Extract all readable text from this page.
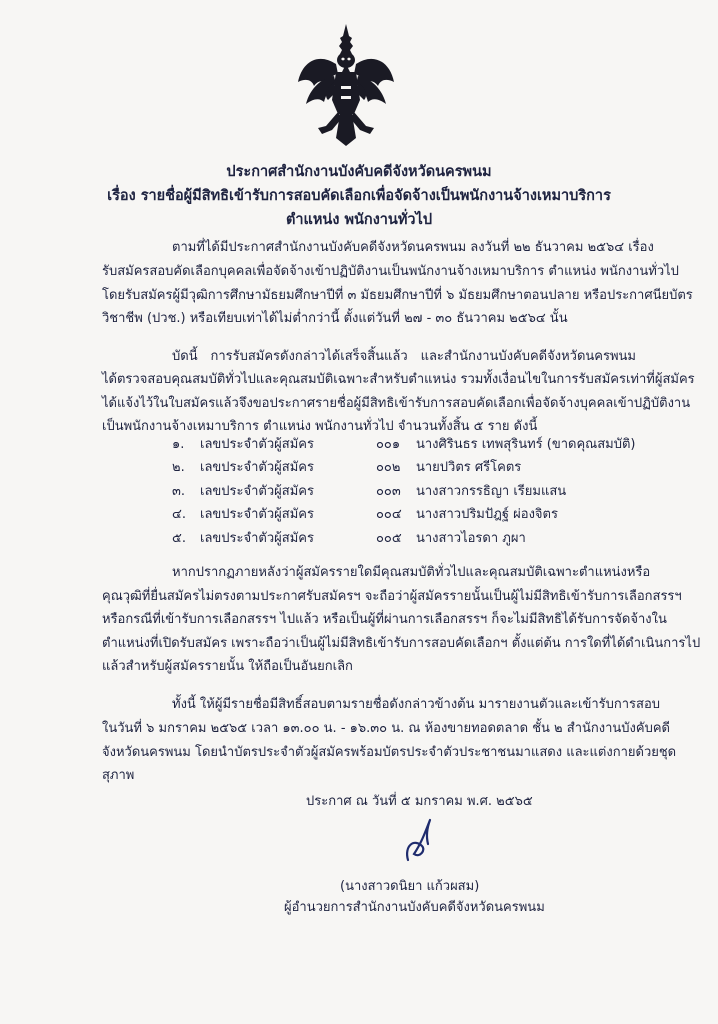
ประกาศสำนักงานบังคับคดีจังหวัดนครพนม
เรื่อง รายชื่อผู้มีสิทธิเข้ารับการสอบคัดเลือกเพื่อจัดจ้างเป็นพนักงานจ้างเหมาบริการ
ตำแหน่ง พนักงานทั่วไป
ตามที่ได้มีประกาศสำนักงานบังคับคดีจังหวัดนครพนม ลงวันที่ ๒๒ ธันวาคม ๒๕๖๔ เรื่อง
รับสมัครสอบคัดเลือกบุคคลเพื่อจัดจ้างเข้าปฏิบัติงานเป็นพนักงานจ้างเหมาบริการ ตำแหน่ง พนักงานทั่วไป
โดยรับสมัครผู้มีวุฒิการศึกษามัธยมศึกษาปีที่ ๓ มัธยมศึกษาปีที่ ๖ มัธยมศึกษาตอนปลาย หรือประกาศนียบัตร
วิชาชีพ (ปวช.) หรือเทียบเท่าได้ไม่ต่ำกว่านี้ ตั้งแต่วันที่ ๒๗ - ๓๐ ธันวาคม ๒๕๖๔ นั้น
บัดนี้ การรับสมัครดังกล่าวได้เสร็จสิ้นแล้ว และสำนักงานบังคับคดีจังหวัดนครพนม
ได้ตรวจสอบคุณสมบัติทั่วไปและคุณสมบัติเฉพาะสำหรับตำแหน่ง รวมทั้งเงื่อนไขในการรับสมัครเท่าที่ผู้สมัคร
ได้แจ้งไว้ในใบสมัครแล้วจึงขอประกาศรายชื่อผู้มีสิทธิเข้ารับการสอบคัดเลือกเพื่อจัดจ้างบุคคลเข้าปฏิบัติงาน
เป็นพนักงานจ้างเหมาบริการ ตำแหน่ง พนักงานทั่วไป จำนวนทั้งสิ้น ๕ ราย ดังนี้
๑. เลขประจำตัวผู้สมัคร	๐๐๑ นางศิรินธร เทพสุรินทร์ (ขาดคุณสมบัติ)
๒. เลขประจำตัวผู้สมัคร	๐๐๒ นายปวิตร ศรีโคตร
๓. เลขประจำตัวผู้สมัคร	๐๐๓ นางสาวกรรธิญา เรียมแสน
๔. เลขประจำตัวผู้สมัคร	๐๐๔ นางสาวปริมปัฎฐ์ ผ่องจิตร
๕. เลขประจำตัวผู้สมัคร	๐๐๕ นางสาวไอรดา ภูผา
หากปรากฏภายหลังว่าผู้สมัครรายใดมีคุณสมบัติทั่วไปและคุณสมบัติเฉพาะตำแหน่งหรือ
คุณวุฒิที่ยื่นสมัครไม่ตรงตามประกาศรับสมัครฯ จะถือว่าผู้สมัครรายนั้นเป็นผู้ไม่มีสิทธิเข้ารับการเลือกสรรฯ
หรือกรณีที่เข้ารับการเลือกสรรฯ ไปแล้ว หรือเป็นผู้ที่ผ่านการเลือกสรรฯ ก็จะไม่มีสิทธิได้รับการจัดจ้างใน
ตำแหน่งที่เปิดรับสมัคร เพราะถือว่าเป็นผู้ไม่มีสิทธิเข้ารับการสอบคัดเลือกฯ ตั้งแต่ต้น การใดที่ได้ดำเนินการไป
แล้วสำหรับผู้สมัครรายนั้น ให้ถือเป็นอันยกเลิก
ทั้งนี้ ให้ผู้มีรายชื่อมีสิทธิ์สอบตามรายชื่อดังกล่าวข้างต้น มารายงานตัวและเข้ารับการสอบ
ในวันที่ ๖ มกราคม ๒๕๖๕ เวลา ๑๓.๐๐ น. - ๑๖.๓๐ น. ณ ห้องขายทอดตลาด ชั้น ๒ สำนักงานบังคับคดี
จังหวัดนครพนม โดยนำบัตรประจำตัวผู้สมัครพร้อมบัตรประจำตัวประชาชนมาแสดง และแต่งกายด้วยชุด
สุภาพ
ประกาศ ณ วันที่ ๕ มกราคม พ.ศ. ๒๕๖๕
(นางสาวดนิยา แก้วผสม)
ผู้อำนวยการสำนักงานบังคับคดีจังหวัดนครพนม
